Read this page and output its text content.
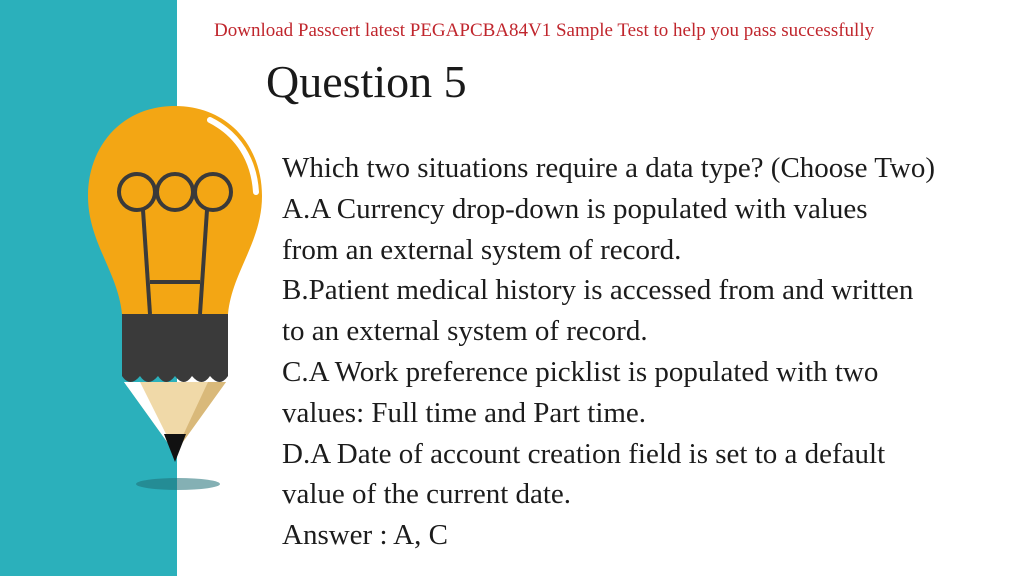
Download Passcert latest PEGAPCBA84V1 Sample Test to help you pass successfully
Question 5
Which two situations require a data type? (Choose Two)
A.A Currency drop-down is populated with values
from an external system of record.
B.Patient medical history is accessed from and written
to an external system of record.
C.A Work preference picklist is populated with two
values: Full time and Part time.
D.A Date of account creation field is set to a default
value of the current date.
Answer : A, C
